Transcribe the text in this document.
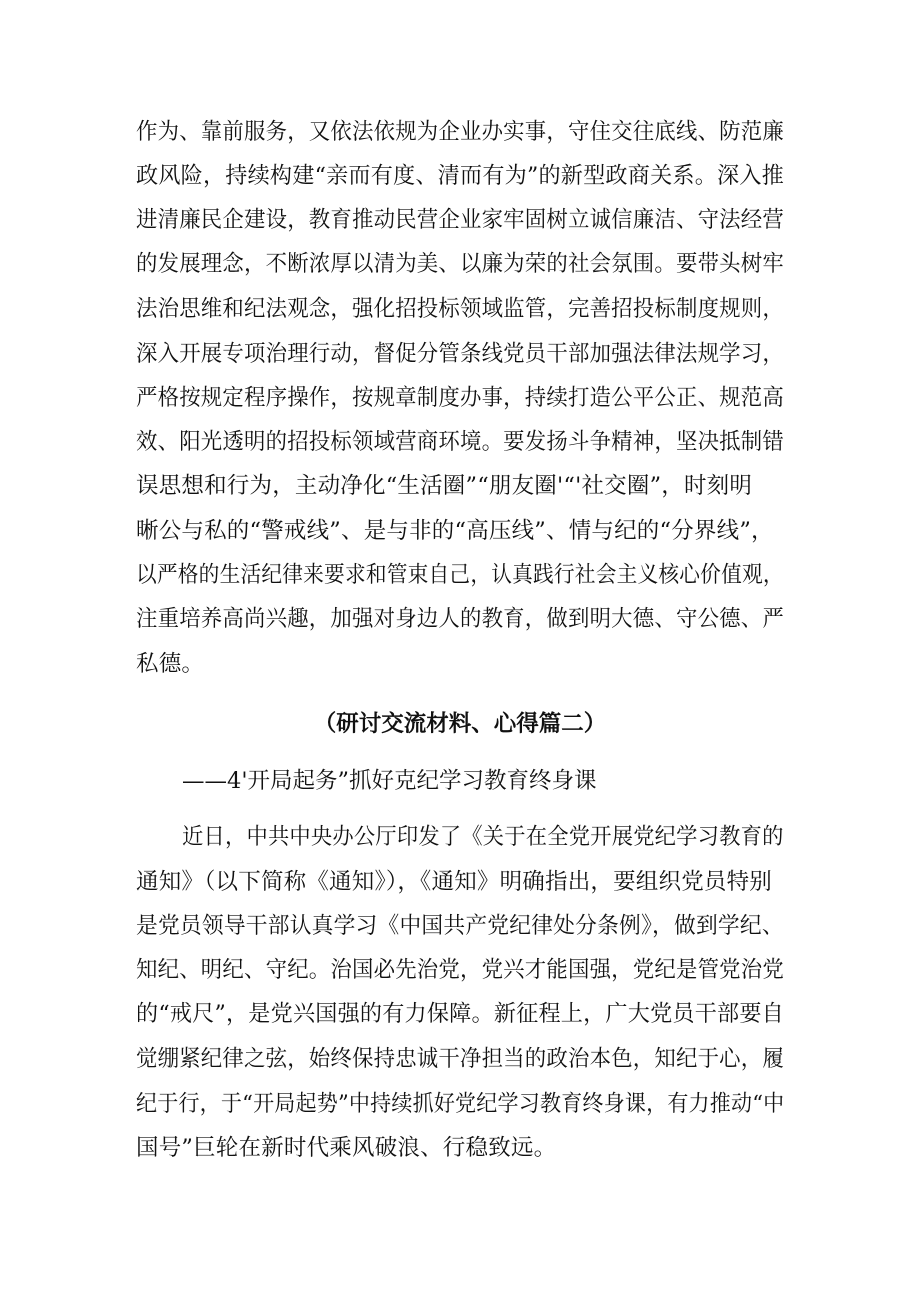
作为、靠前服务，又依法依规为企业办实事，守住交往底线、防范廉
政风险，持续构建“亲而有度、清而有为”的新型政商关系。深入推
进清廉民企建设，教育推动民营企业家牢固树立诚信廉洁、守法经营
的发展理念，不断浓厚以清为美、以廉为荣的社会氛围。要带头树牢
法治思维和纪法观念，强化招投标领域监管，完善招投标制度规则，
深入开展专项治理行动，督促分管条线党员干部加强法律法规学习，
严格按规定程序操作，按规章制度办事，持续打造公平公正、规范高
效、阳光透明的招投标领域营商环境。要发扬斗争精神，坚决抵制错
误思想和行为，主动净化“生活圈”“朋友圈'“'社交圈”，时刻明
晰公与私的“警戒线”、是与非的“高压线”、情与纪的“分界线”，
以严格的生活纪律来要求和管束自己，认真践行社会主义核心价值观，
注重培养高尚兴趣，加强对身边人的教育，做到明大德、守公德、严
私德。
（研讨交流材料、心得篇二）
——4'开局起务”抓好克纪学习教育终身课
近日，中共中央办公厅印发了《关于在全党开展党纪学习教育的
通知》（以下简称《通知》），《通知》明确指出，要组织党员特别
是党员领导干部认真学习《中国共产党纪律处分条例》，做到学纪、
知纪、明纪、守纪。治国必先治党，党兴才能国强，党纪是管党治党
的“戒尺”，是党兴国强的有力保障。新征程上，广大党员干部要自
觉绷紧纪律之弦，始终保持忠诚干净担当的政治本色，知纪于心，履
纪于行，于“开局起势”中持续抓好党纪学习教育终身课，有力推动“中
国号”巨轮在新时代乘风破浪、行稳致远。
